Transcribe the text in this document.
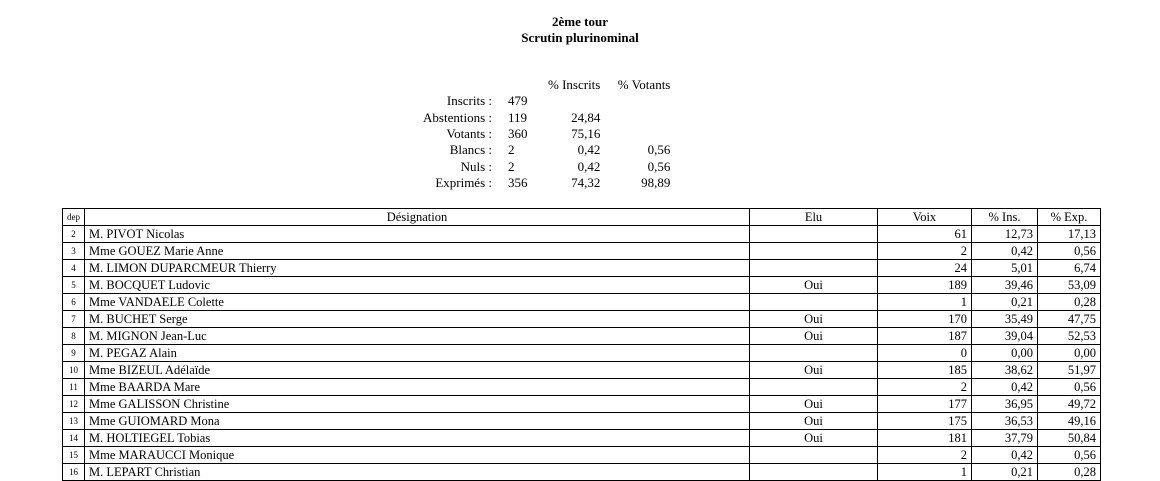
2ème tour
Scrutin plurinominal
		% Inscrits	% Votants
Inscrits :	479		
Abstentions :	119	24,84	
Votants :	360	75,16	
Blancs :	2	0,42	0,56
Nuls :	2	0,42	0,56
Exprimés :	356	74,32	98,89
dep	Désignation	Elu	Voix	% Ins.	% Exp.
2	M. PIVOT Nicolas		61	12,73	17,13
3	Mme GOUEZ Marie Anne		2	0,42	0,56
4	M. LIMON DUPARCMEUR Thierry		24	5,01	6,74
5	M. BOCQUET Ludovic	Oui	189	39,46	53,09
6	Mme VANDAELE Colette		1	0,21	0,28
7	M. BUCHET Serge	Oui	170	35,49	47,75
8	M. MIGNON Jean-Luc	Oui	187	39,04	52,53
9	M. PEGAZ Alain		0	0,00	0,00
10	Mme BIZEUL Adélaïde	Oui	185	38,62	51,97
11	Mme BAARDA Mare		2	0,42	0,56
12	Mme GALISSON Christine	Oui	177	36,95	49,72
13	Mme GUIOMARD Mona	Oui	175	36,53	49,16
14	M. HOLTIEGEL Tobias	Oui	181	37,79	50,84
15	Mme MARAUCCI Monique		2	0,42	0,56
16	M. LEPART Christian		1	0,21	0,28
